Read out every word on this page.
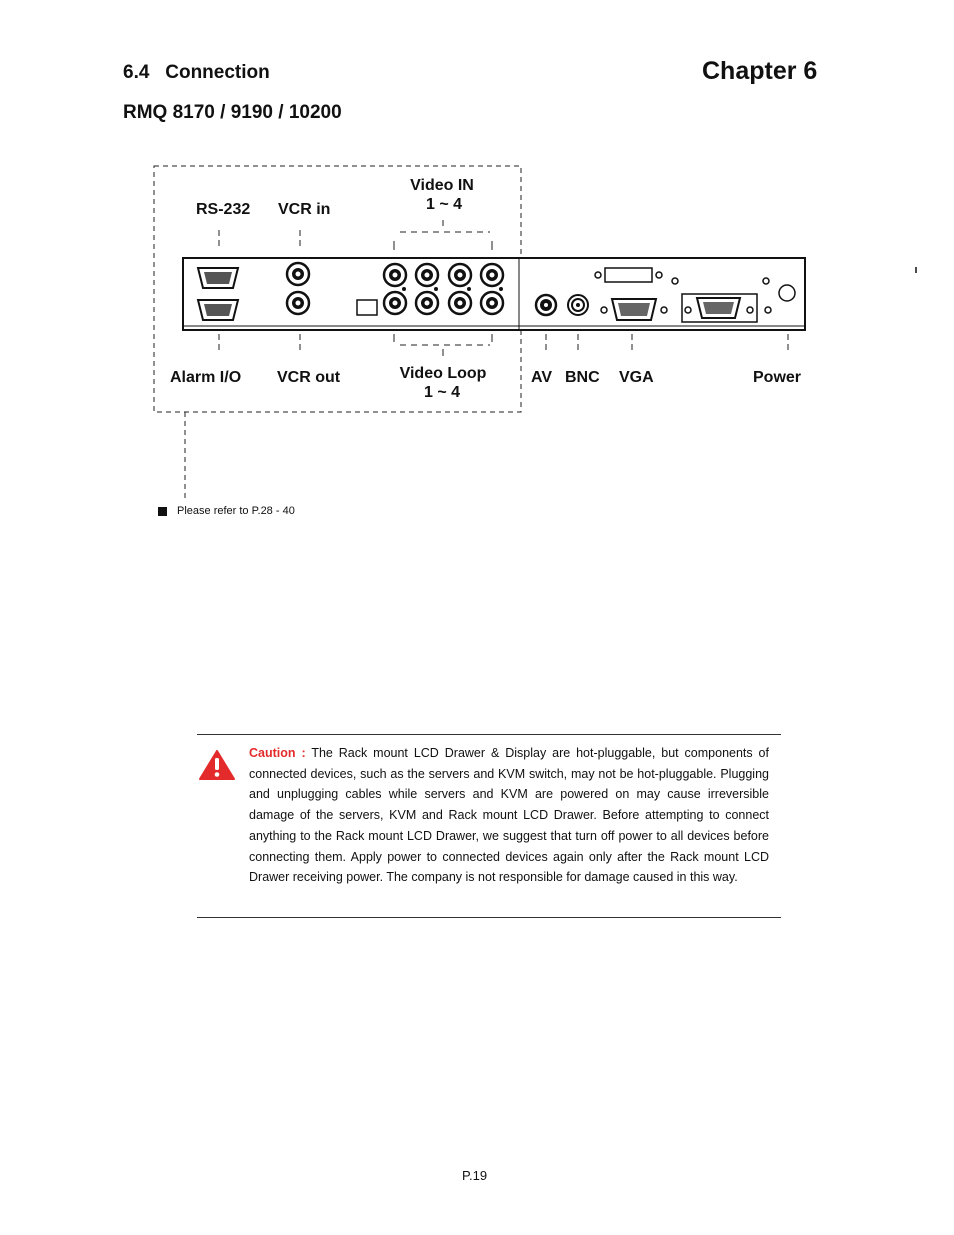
6.4   Connection	Chapter 6
RMQ 8170 / 9190 / 10200
RS-232 VCR in
Video IN
1 ~ 4
Alarm I/O VCR out	Video Loop
1 ~ 4
AV BNC VGA	Power
Please refer to P.28 - 40
Caution : The Rack mount LCD Drawer & Display are hot-pluggable, but components of connected devices, such as the servers and KVM switch, may not be hot-pluggable. Plugging and unplugging cables while servers and KVM are powered on may cause irreversible damage of the servers, KVM and Rack mount LCD Drawer. Before attempting to connect anything to the Rack mount LCD Drawer, we suggest that turn off power to all devices before connecting them. Apply power to connected devices again only after the Rack mount LCD Drawer receiving power. The company is not responsible for damage caused in this way.
P.19
